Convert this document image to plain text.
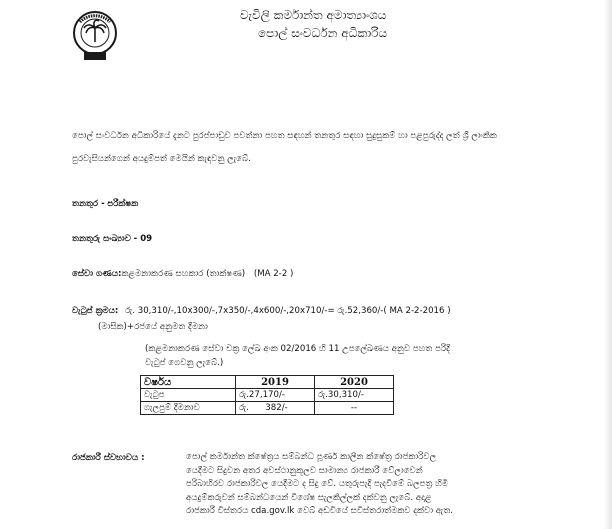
වැවිලි කර්මාන්ත අමාත්‍යාංශය
පොල් සංවර්ධන අධිකාරිය
පොල් සංවර්ධන අධිකාරියේ දැනට පුරප්පාඩුව පවත්නා පහත සඳහන් තනතුර සඳහා සුදුසුකම් හා පළපුරුද්ද ලත් ශ්‍රී ලාංකික පුරවැසියන්ගෙන් අයදුම්පත් මෙයින් කැඳවනු ලැබේ.
තනතුර - පරීක්ෂක
තනතුරු සංඛ්‍යාව - 09
සේවා ගණය:කළමනාකරණ සහකාර (තාක්ෂණ) (MA 2-2 )
වැටුප් ක්‍රමය: රු. 30,310/-,10x300/-,7x350/-,4x600/-,20x710/-= රු.52,360/-( MA 2-2-2016 )
(මාසික)+රජයේ අනුමත දීමනා
(කළමනාකරණ සේවා චක්‍ර ලේඛ අංක 02/2016 හි 11 උපලේඛණය අනුව පහත පරිදි
වැටුප් ගෙවනු ලැබේ.)
වර්ෂය	2019	2020
වැටුප	රු.27,170/-	රු.30,310/-
ගැලපුම් දීමනාව	රු.      382/-	--
රාජකාරී ස්වභාවය :	පොල් කර්මාන්ත ක්ෂේත්‍රය සම්බන්ධ පූර්ණ කාලීන ක්ෂේත්‍ර රාජකාරිවල
යෙදීමට සිදුවන අතර අවස්ථානුකූලව සාමාන්‍ය රාජකාරී වේලාවෙන්
පරිබාහිරව රාජකාරිවල යෙදීමට ද සිදු වේ. යතුරුපැදි පැදවීමේ බලපත්‍ර හිමි
අයදුම්කරුවන් සම්බන්ධයෙන් විශේෂ සැලකිල්ලක් දක්වනු ලැබේ. අදාළ
රාජකාරී විස්තරය cda.gov.lk වෙබ් අඩවියේ සවිස්තරාත්මකව දක්වා ඇත.
